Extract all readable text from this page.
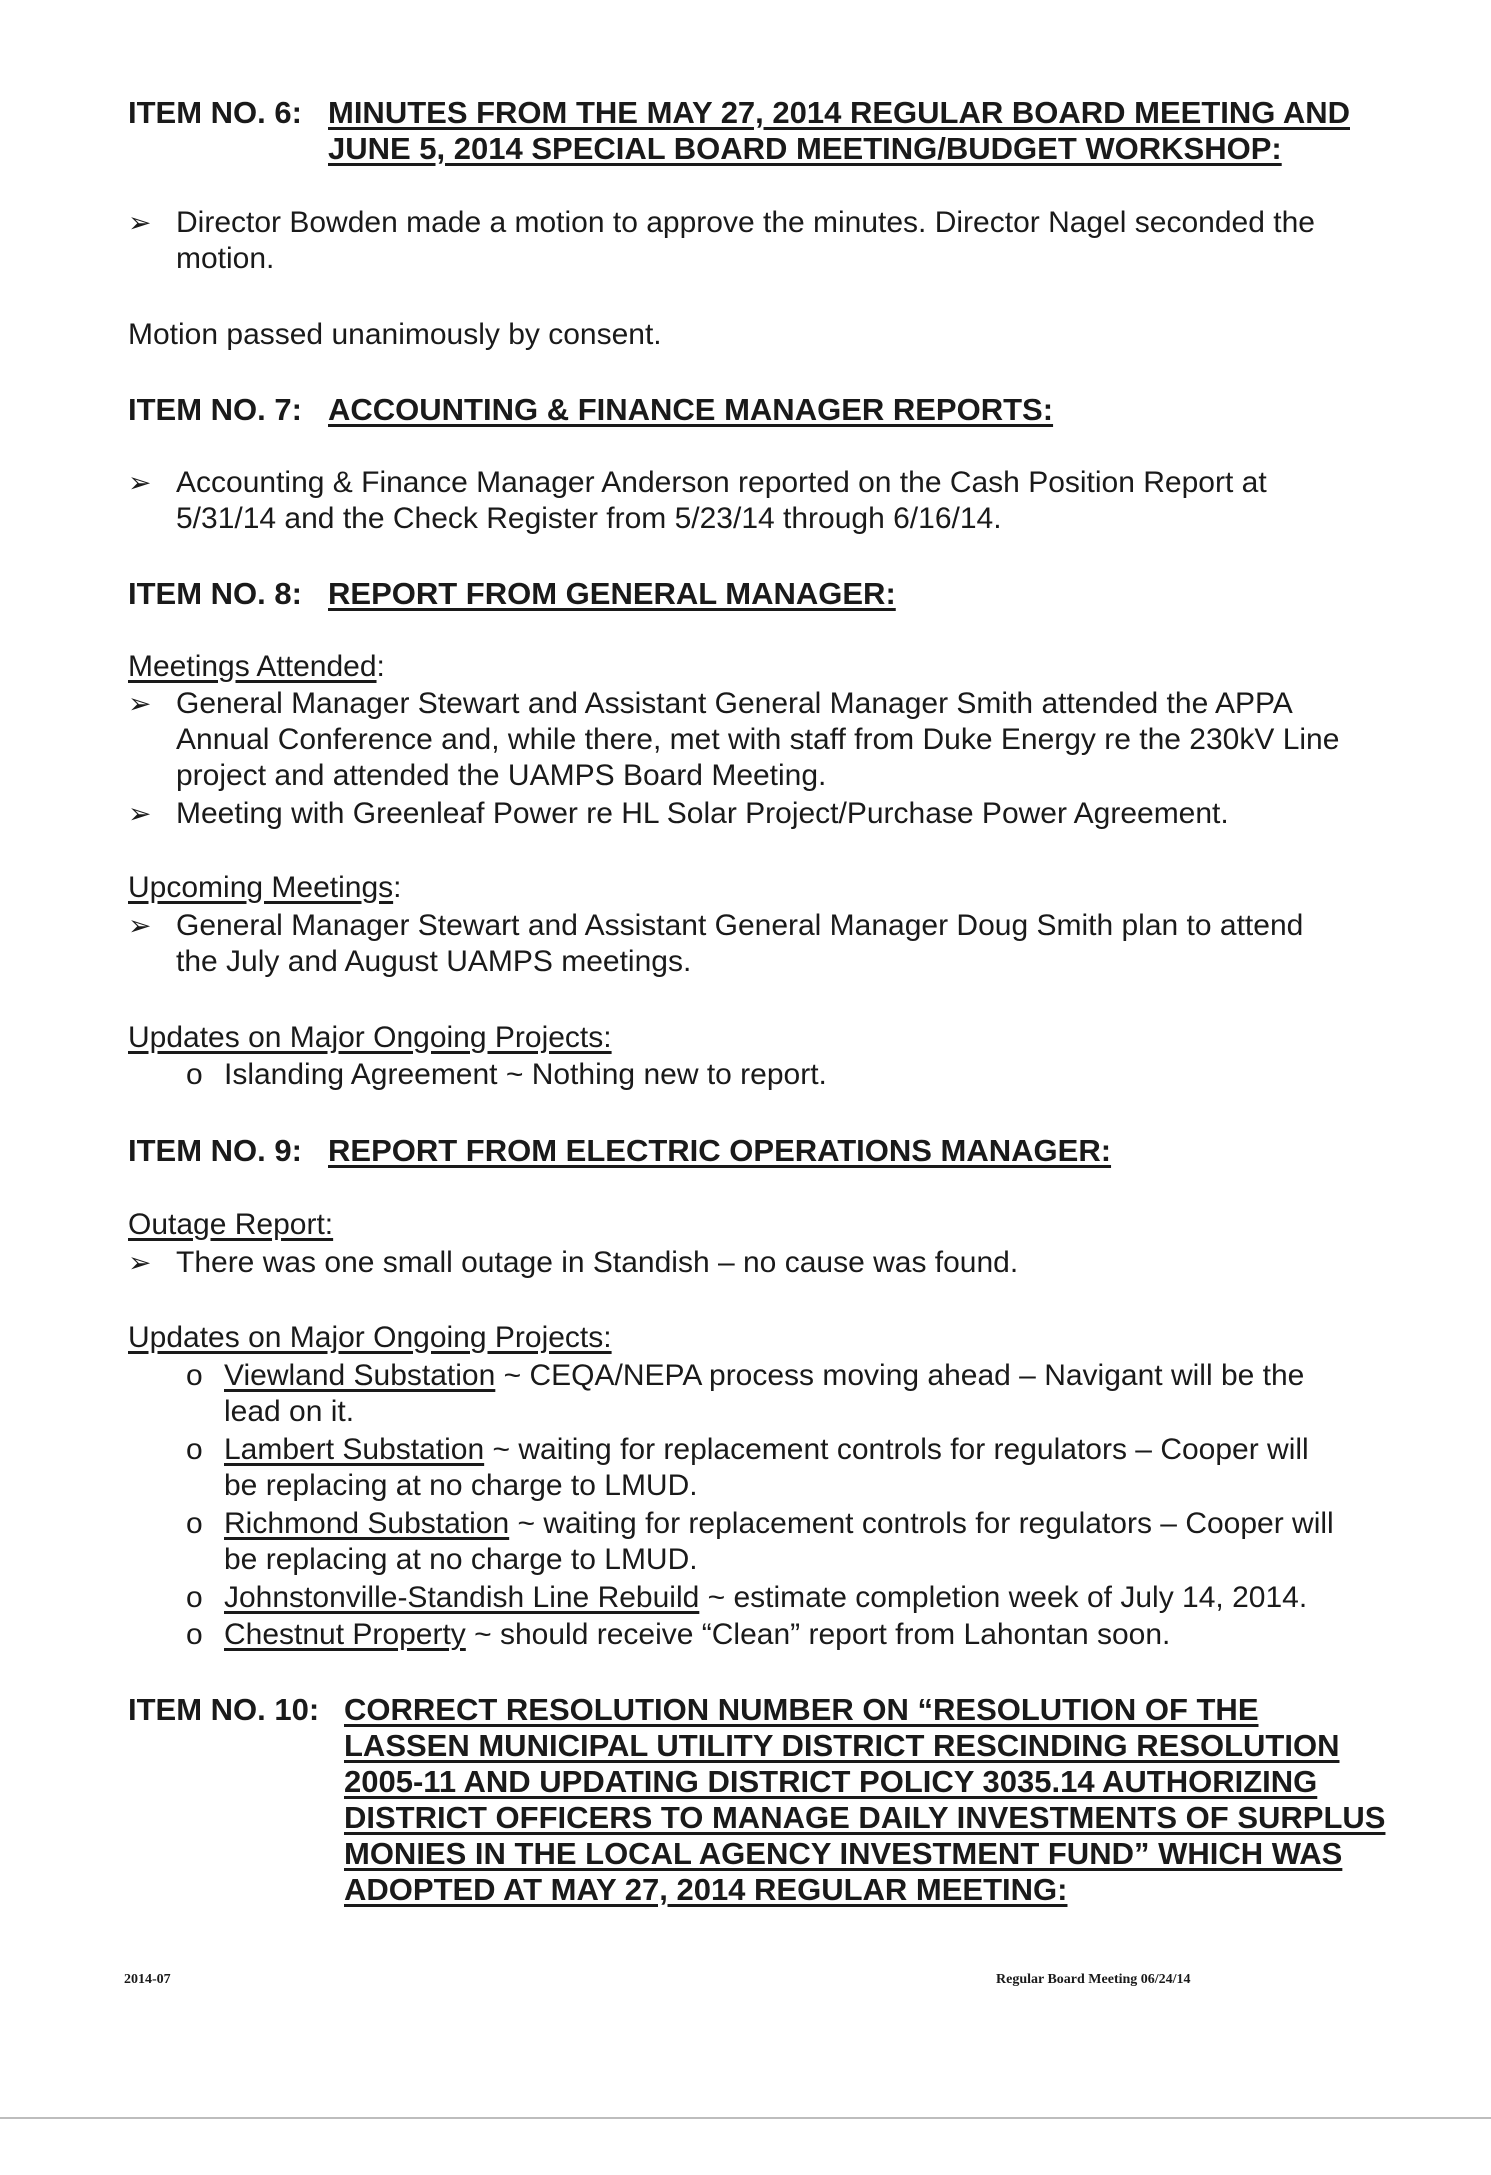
ITEM NO. 6: MINUTES FROM THE MAY 27, 2014 REGULAR BOARD MEETING AND
JUNE 5, 2014 SPECIAL BOARD MEETING/BUDGET WORKSHOP:
➢ Director Bowden made a motion to approve the minutes. Director Nagel seconded the
motion.
Motion passed unanimously by consent.
ITEM NO. 7: ACCOUNTING & FINANCE MANAGER REPORTS:
➢ Accounting & Finance Manager Anderson reported on the Cash Position Report at
5/31/14 and the Check Register from 5/23/14 through 6/16/14.
ITEM NO. 8: REPORT FROM GENERAL MANAGER:
Meetings Attended:
➢ General Manager Stewart and Assistant General Manager Smith attended the APPA
Annual Conference and, while there, met with staff from Duke Energy re the 230kV Line
project and attended the UAMPS Board Meeting.
➢ Meeting with Greenleaf Power re HL Solar Project/Purchase Power Agreement.
Upcoming Meetings:
➢ General Manager Stewart and Assistant General Manager Doug Smith plan to attend
the July and August UAMPS meetings.
Updates on Major Ongoing Projects:
o Islanding Agreement ~ Nothing new to report.
ITEM NO. 9: REPORT FROM ELECTRIC OPERATIONS MANAGER:
Outage Report:
➢ There was one small outage in Standish – no cause was found.
Updates on Major Ongoing Projects:
o Viewland Substation ~ CEQA/NEPA process moving ahead – Navigant will be the
lead on it.
o Lambert Substation ~ waiting for replacement controls for regulators – Cooper will
be replacing at no charge to LMUD.
o Richmond Substation ~ waiting for replacement controls for regulators – Cooper will
be replacing at no charge to LMUD.
o Johnstonville-Standish Line Rebuild ~ estimate completion week of July 14, 2014.
o Chestnut Property ~ should receive “Clean” report from Lahontan soon.
ITEM NO. 10: CORRECT RESOLUTION NUMBER ON “RESOLUTION OF THE
LASSEN MUNICIPAL UTILITY DISTRICT RESCINDING RESOLUTION
2005-11 AND UPDATING DISTRICT POLICY 3035.14 AUTHORIZING
DISTRICT OFFICERS TO MANAGE DAILY INVESTMENTS OF SURPLUS
MONIES IN THE LOCAL AGENCY INVESTMENT FUND” WHICH WAS
ADOPTED AT MAY 27, 2014 REGULAR MEETING:
2014-07	Regular Board Meeting 06/24/14
